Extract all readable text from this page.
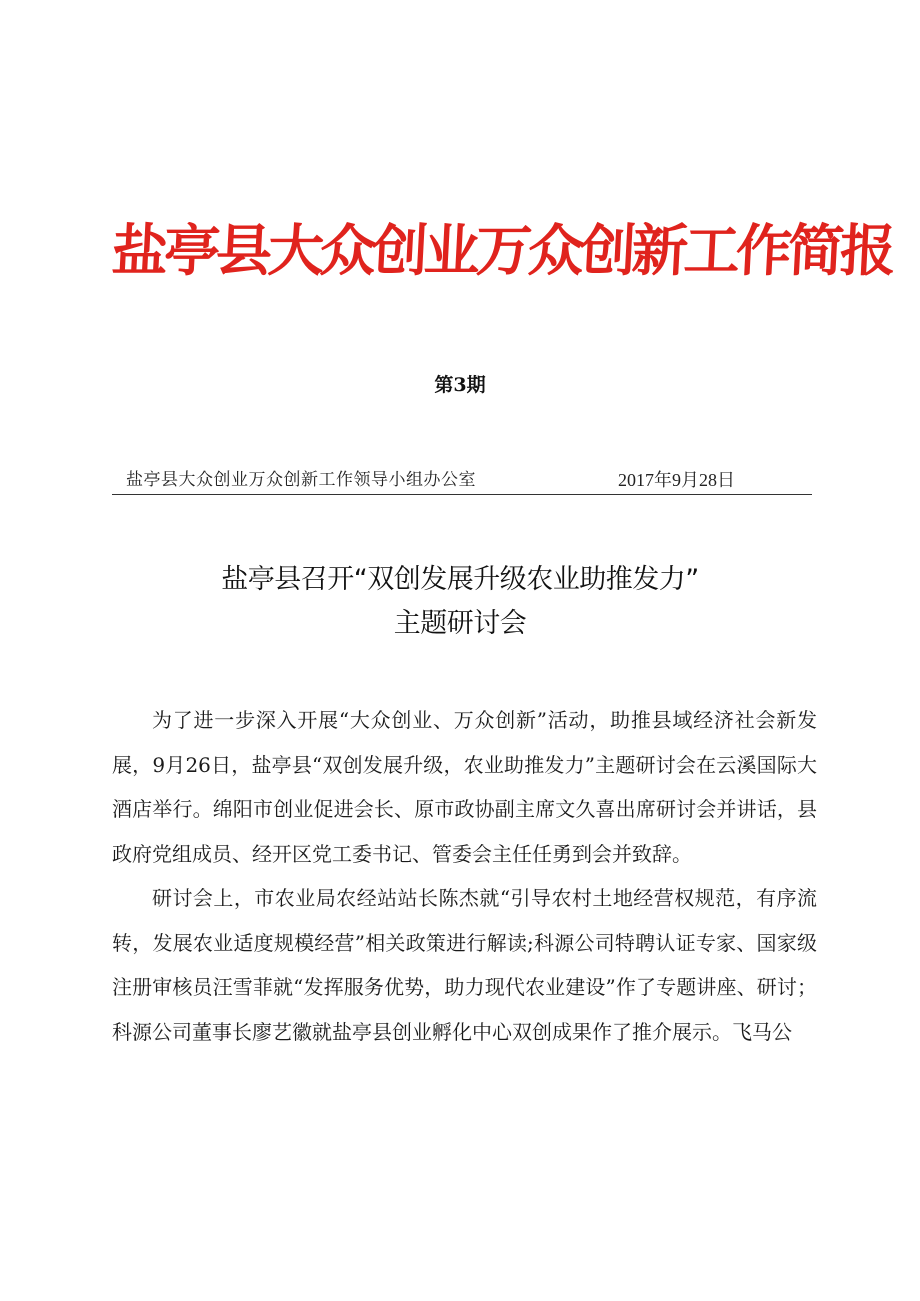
盐亭县大众创业万众创新工作简报
第3期
盐亭县大众创业万众创新工作领导小组办公室	2017年9月28日
盐亭县召开“双创发展升级农业助推发力”
主题研讨会

为了进一步深入开展“大众创业、万众创新”活动，助推县域经济社会新发展，9月26日，盐亭县“双创发展升级，农业助推发力”主题研讨会在云溪国际大酒店举行。绵阳市创业促进会长、原市政协副主席文久喜出席研讨会并讲话，县政府党组成员、经开区党工委书记、管委会主任任勇到会并致辞。

研讨会上，市农业局农经站站长陈杰就“引导农村土地经营权规范，有序流转，发展农业适度规模经营”相关政策进行解读;科源公司特聘认证专家、国家级注册审核员汪雪菲就“发挥服务优势，助力现代农业建设”作了专题讲座、研讨；科源公司董事长廖艺徽就盐亭县创业孵化中心双创成果作了推介展示。飞马公
